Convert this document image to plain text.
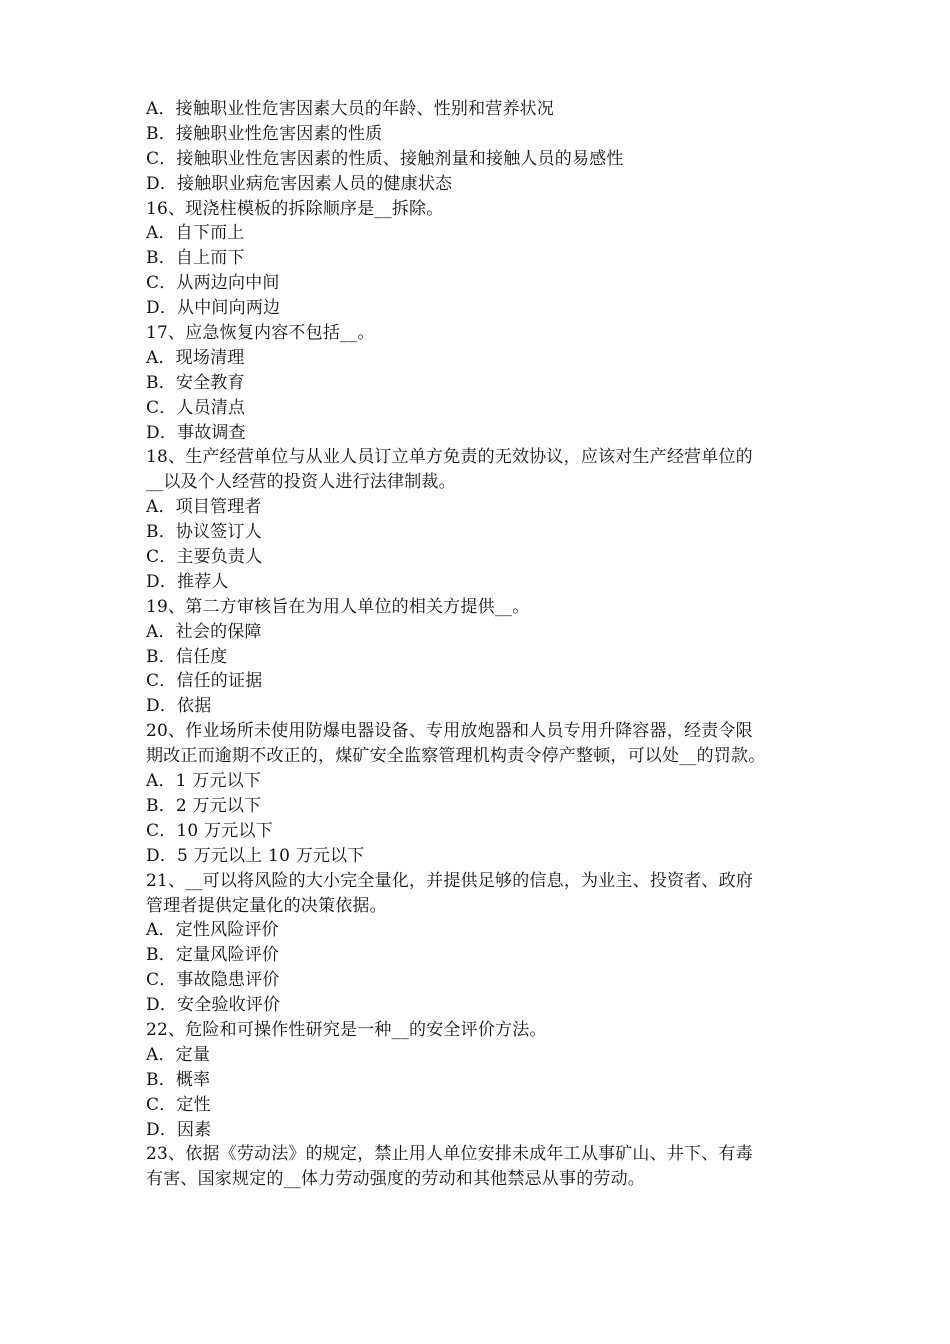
A．接触职业性危害因素大员的年龄、性别和营养状况
B．接触职业性危害因素的性质
C．接触职业性危害因素的性质、接触剂量和接触人员的易感性
D．接触职业病危害因素人员的健康状态
16、现浇柱模板的拆除顺序是__拆除。
A．自下而上
B．自上而下
C．从两边向中间
D．从中间向两边
17、应急恢复内容不包括__。
A．现场清理
B．安全教育
C．人员清点
D．事故调查
18、生产经营单位与从业人员订立单方免责的无效协议，应该对生产经营单位的
__以及个人经营的投资人进行法律制裁。
A．项目管理者
B．协议签订人
C．主要负责人
D．推荐人
19、第二方审核旨在为用人单位的相关方提供__。
A．社会的保障
B．信任度
C．信任的证据
D．依据
20、作业场所未使用防爆电器设备、专用放炮器和人员专用升降容器，经责令限
期改正而逾期不改正的，煤矿安全监察管理机构责令停产整顿，可以处__的罚款。
A．1 万元以下
B．2 万元以下
C．10 万元以下
D．5 万元以上 10 万元以下
21、__可以将风险的大小完全量化，并提供足够的信息，为业主、投资者、政府
管理者提供定量化的决策依据。
A．定性风险评价
B．定量风险评价
C．事故隐患评价
D．安全验收评价
22、危险和可操作性研究是一种__的安全评价方法。
A．定量
B．概率
C．定性
D．因素
23、依据《劳动法》的规定，禁止用人单位安排未成年工从事矿山、井下、有毒
有害、国家规定的__体力劳动强度的劳动和其他禁忌从事的劳动。
